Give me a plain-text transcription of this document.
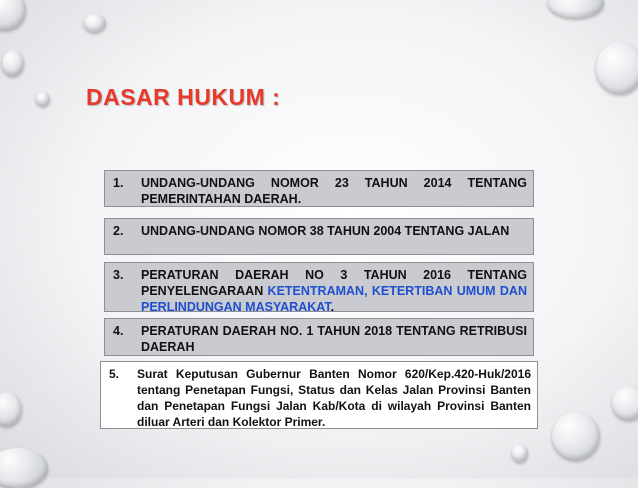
DASAR HUKUM :
1.	UNDANG-UNDANG NOMOR 23 TAHUN 2014 TENTANG PEMERINTAHAN DAERAH.
2.	UNDANG-UNDANG NOMOR 38 TAHUN 2004 TENTANG JALAN
3.	PERATURAN DAERAH NO 3 TAHUN 2016 TENTANG PENYELENGARAAN KETENTRAMAN, KETERTIBAN UMUM DAN PERLINDUNGAN MASYARAKAT.
4.	PERATURAN DAERAH NO. 1 TAHUN 2018 TENTANG RETRIBUSI DAERAH
5.	Surat Keputusan Gubernur Banten Nomor 620/Kep.420-Huk/2016 tentang Penetapan Fungsi, Status dan Kelas Jalan Provinsi Banten dan Penetapan Fungsi Jalan Kab/Kota di wilayah Provinsi Banten diluar Arteri dan Kolektor Primer.
